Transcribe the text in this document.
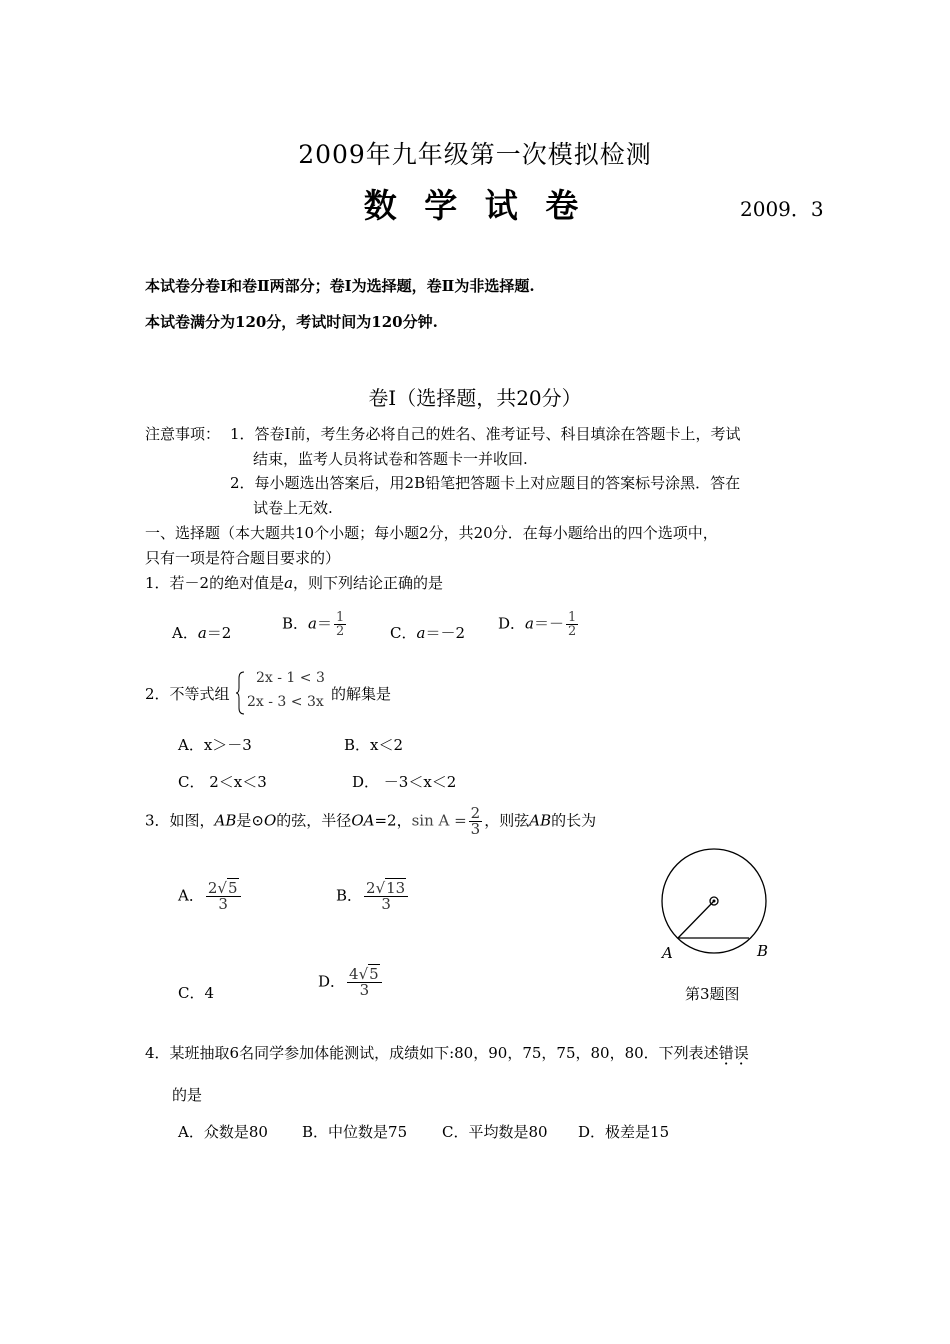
2009年九年级第一次模拟检测
数 学 试 卷	2009．3
本试卷分卷Ⅰ和卷Ⅱ两部分；卷Ⅰ为选择题，卷Ⅱ为非选择题.
本试卷满分为120分，考试时间为120分钟.
卷Ⅰ（选择题，共20分）
注意事项： 1．答卷Ⅰ前，考生务必将自己的姓名、准考证号、科目填涂在答题卡上，考试
结束，监考人员将试卷和答题卡一并收回.
2．每小题选出答案后，用2B铅笔把答题卡上对应题目的答案标号涂黑．答在
试卷上无效.
一、选择题（本大题共10个小题；每小题2分，共20分．在每小题给出的四个选项中，
只有一项是符合题目要求的）
1．若－2的绝对值是a，则下列结论正确的是
A．a＝2
B．$a= \frac{1}{2}$	C．a＝－2
D．$a=- \frac{1}{2}$
2．不等式组
2x - 1 < 3
2x - 3 < 3x 的解集是
A．x＞－3	B．x＜2
C． 2＜x＜3	D． －3＜x＜2
3．如图，AB是⊙O的弦，半径OA=2，$\sin A = \frac{2}{3}$ ，则弦AB的长为
A． $\frac{2√5}{3}$	B． $\frac{2√13}{3}$
C．4
D． $\frac{4√5}{3}$
A	B
第3题图
4．某班抽取6名同学参加体能测试，成绩如下:80，90，75，75，80，80．下列表述错误
的是
A．众数是80 B．中位数是75 C．平均数是80 D．极差是15
